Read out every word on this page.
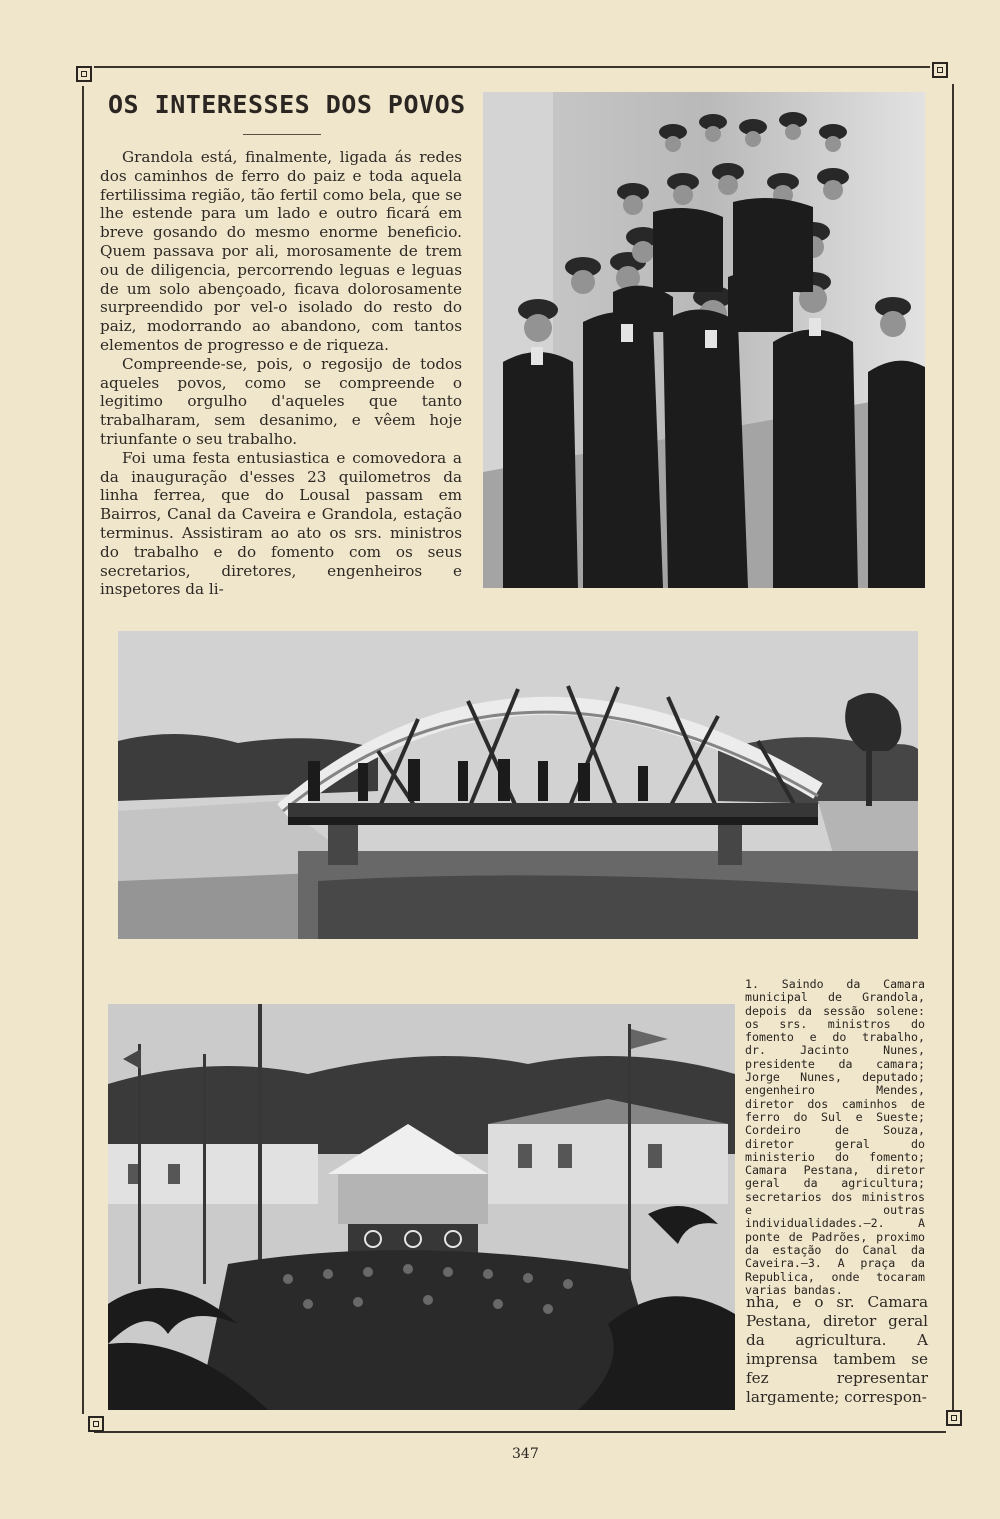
OS INTERESSES DOS POVOS

Grandola está, finalmente, ligada ás redes dos caminhos de ferro do paiz e toda aquela fertilissima região, tão fertil como bela, que se lhe estende para um lado e outro ficará em breve gosando do mesmo enorme beneficio. Quem passava por ali, morosamente de trem ou de diligencia, percorrendo leguas e leguas de um solo abençoado, ficava dolorosamente surpreendido por vel-o isolado do resto do paiz, modorrando ao abandono, com tantos elementos de progresso e de riqueza.

Compreende-se, pois, o regosijo de todos aqueles povos, como se compreende o legitimo orgulho d'aqueles que tanto trabalharam, sem desanimo, e vêem hoje triunfante o seu trabalho.

Foi uma festa entusiastica e comovedora a da inauguração d'esses 23 quilometros da linha ferrea, que do Lousal passam em Bairros, Canal da Caveira e Grandola, estação terminus. Assistiram ao ato os srs. ministros do trabalho e do fomento com os seus secretarios, diretores, engenheiros e inspetores da li-

1. Saindo da Camara municipal de Grandola, depois da sessão solene: os srs. ministros do fomento e do trabalho, dr. Jacinto Nunes, presidente da camara; Jorge Nunes, deputado; engenheiro Mendes, diretor dos caminhos de ferro do Sul e Sueste; Cordeiro de Souza, diretor geral do ministerio do fomento; Camara Pestana, diretor geral da agricultura; secretarios dos ministros e outras individualidades.—2. A ponte de Padrões, proximo da estação do Canal da Caveira.—3. A praça da Republica, onde tocaram varias bandas.

nha, e o sr. Camara Pestana, diretor geral da agricultura. A imprensa tambem se fez representar largamente; correspon-

347
